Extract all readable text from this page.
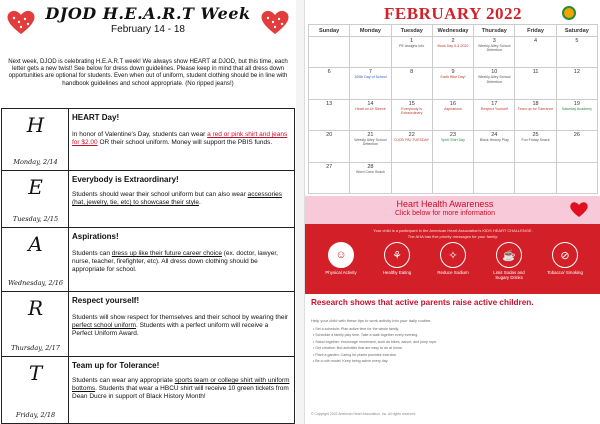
DJOD H.E.A.R.T Week
February 14 - 18
Next week, DJOD is celebrating H.E.A.R.T week! We always show HEART at DJOD, but this time, each letter gets a new twist! See below for dress down guidelines. Please keep in mind that all dress down opportunities are optional for students. Even when out of uniform, student clothing should be in line with handbook guidelines and school appropriate. (No ripped jeans!)
H
Monday, 2/14
HEART Day!
In honor of Valentine's Day, students can wear a red or pink shirt and jeans for $2.00 OR their school uniform. Money will support the PBIS funds.
E
Tuesday, 2/15
Everybody is Extraordinary!
Students should wear their school uniform but can also wear accessories (hat, jewelry, tie, etc) to showcase their style.
A
Wednesday, 2/16
Aspirations!
Students can dress up like their future career choice (ex. doctor, lawyer, nurse, teacher, firefighter, etc). All dress down clothing should be appropriate for school.
R
Thursday, 2/17
Respect yourself!
Students will show respect for themselves and their school by wearing their perfect school uniform. Students with a perfect uniform will receive a Perfect Uniform Award.
T
Friday, 2/18
Team up for Tolerance!
Students can wear any appropriate sports team or college shirt with uniform bottoms. Students that wear a HBCU shirt will receive 10 green tickets from Dean Ducre in support of Black History Month!
FEBRUARY 2022
Sunday	Monday	Tuesday	Wednesday	Thursday	Friday	Saturday

		1
PE Assigns Info	2
Book Day 5-3-2022	3
Weekly Alley School Detention	4	5

6	7
100th Day of School	8	9
Earth Bike Day!	10
Weekly Alley School Detention	11	12

13	14
Heart on Ur Sleeve	15
Everybody is Extraordinary	16
Aspirations	17
Respect Yourself	18
Team up for Tolerance	19
Saturday Academy

20	21
Weekly Alley School Detention	22
DJOD PAJ TUESDAY	23
Spirit Shirt Day	24
Black History Play	25
Fun Friday Snack	26

27	28
Word Crew Snack					

Heart Health Awareness
Click below for more information
Your child is a participant in the American Heart Association's KIDS HEART CHALLENGE.
The AHA has five priority messages for your family:
☺
Physical Activity
⚘
Healthy Eating
✧
Reduce Sodium
☕
Limit Sodas and Sugary Drinks
⊘
Tobacco/ Smoking
Research shows that active parents raise active children.
Help your child with these tips to work activity into your daily routine.
• Set a schedule: Plan active time for the whole family.
• Schedule a family play time. Take a walk together every evening.
• Stand together: encourage movement, such as bikes, dance, and jump rope.
• Get creative: find activities that are easy to do at home.
• Plant a garden: Caring for plants provides exercise.
• Be a role model: Keep being active every day.
© Copyright 2022 American Heart Association, Inc. All rights reserved.
